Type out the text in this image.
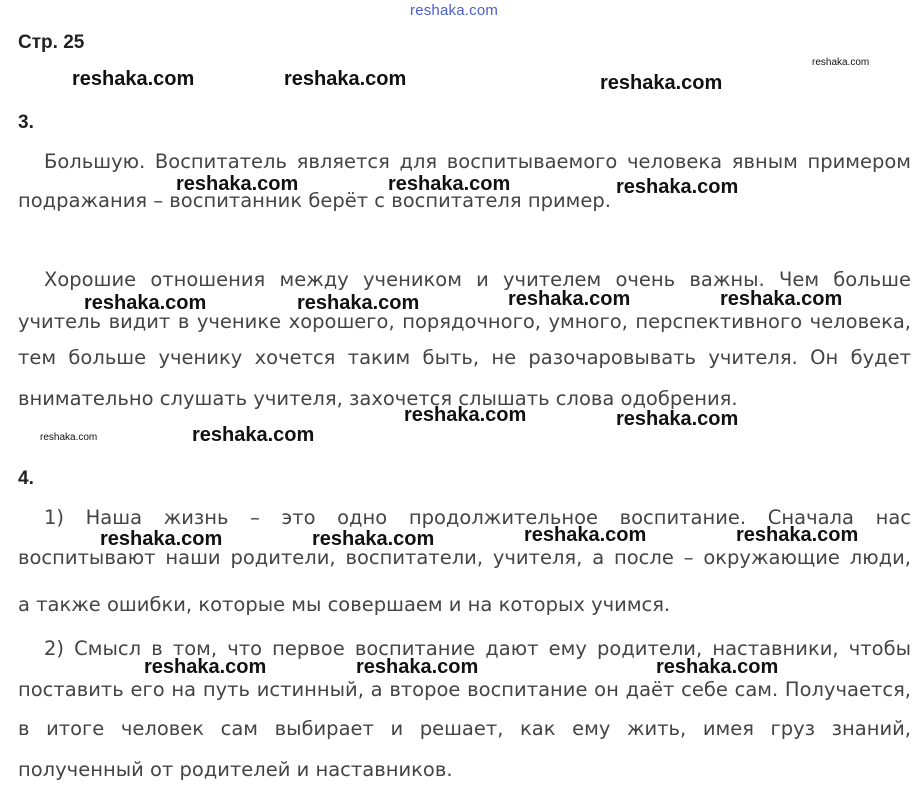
reshaka.com
Стр. 25
3.
Большую. Воспитатель является для воспитываемого человека явным примером
подражания – воспитанник берёт с воспитателя пример.
Хорошие отношения между учеником и учителем очень важны. Чем больше
учитель видит в ученике хорошего, порядочного, умного, перспективного человека,
тем больше ученику хочется таким быть, не разочаровывать учителя. Он будет
внимательно слушать учителя, захочется слышать слова одобрения.
4.
1) Наша жизнь – это одно продолжительное воспитание. Сначала нас
воспитывают наши родители, воспитатели, учителя, а после – окружающие люди,
а также ошибки, которые мы совершаем и на которых учимся.
2) Смысл в том, что первое воспитание дают ему родители, наставники, чтобы
поставить его на путь истинный, а второе воспитание он даёт себе сам. Получается,
в итоге человек сам выбирает и решает, как ему жить, имея груз знаний,
полученный от родителей и наставников.
reshaka.com	reshaka.com	reshaka.com
reshaka.com
reshaka.com	reshaka.com	reshaka.com
reshaka.com	reshaka.com	reshaka.com	reshaka.com
reshaka.com	reshaka.com
reshaka.com	reshaka.com
reshaka.com	reshaka.com	reshaka.com	reshaka.com
reshaka.com	reshaka.com	reshaka.com
